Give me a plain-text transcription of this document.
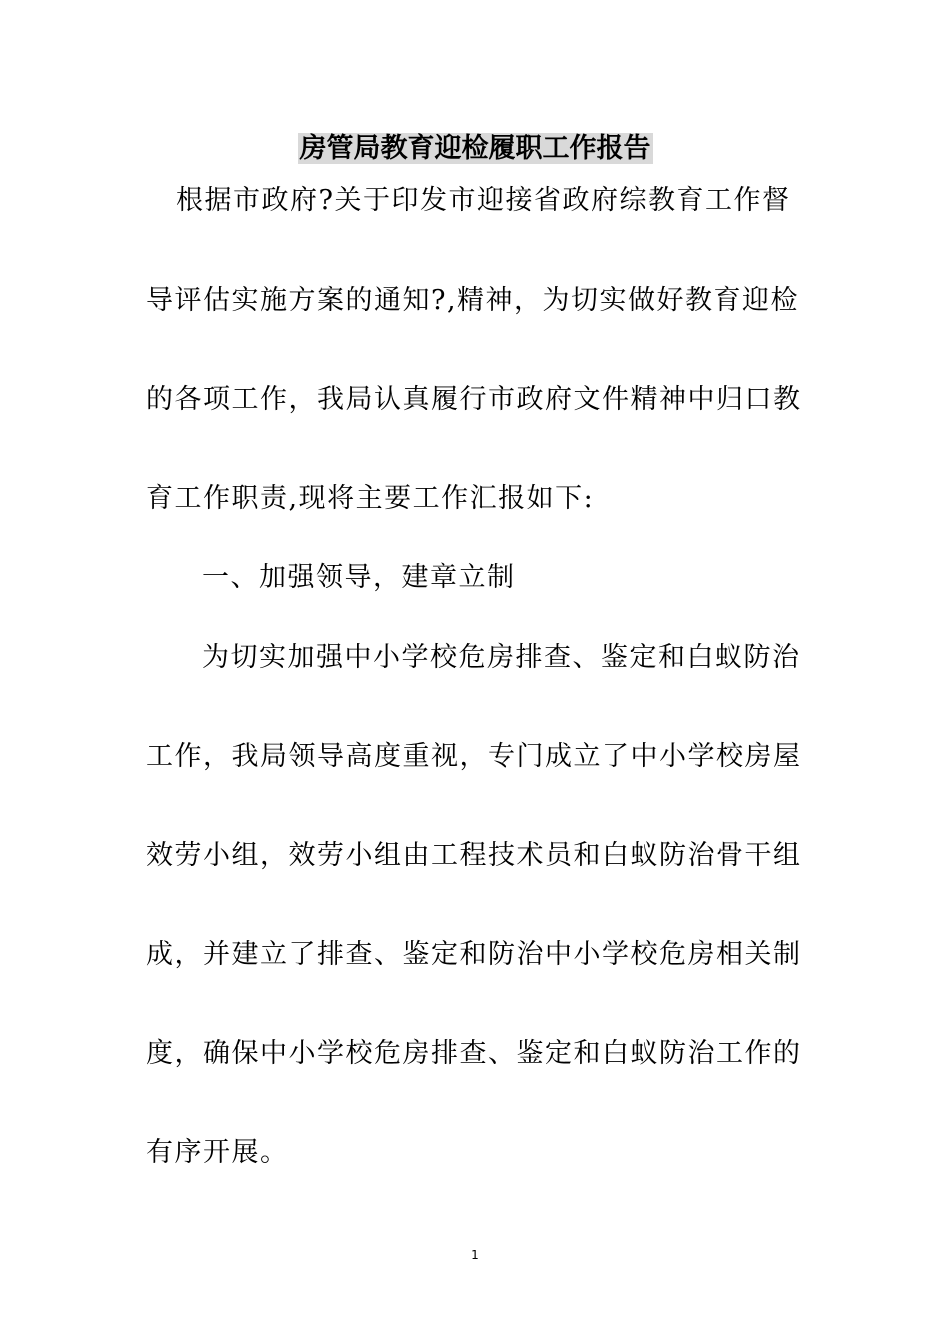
房管局教育迎检履职工作报告
根据市政府?关于印发市迎接省政府综教育工作督
导评估实施方案的通知?,精神，为切实做好教育迎检
的各项工作，我局认真履行市政府文件精神中归口教
育工作职责,现将主要工作汇报如下:
一、加强领导，建章立制
为切实加强中小学校危房排查、鉴定和白蚁防治
工作，我局领导高度重视，专门成立了中小学校房屋
效劳小组，效劳小组由工程技术员和白蚁防治骨干组
成，并建立了排查、鉴定和防治中小学校危房相关制
度，确保中小学校危房排查、鉴定和白蚁防治工作的
有序开展。
1
